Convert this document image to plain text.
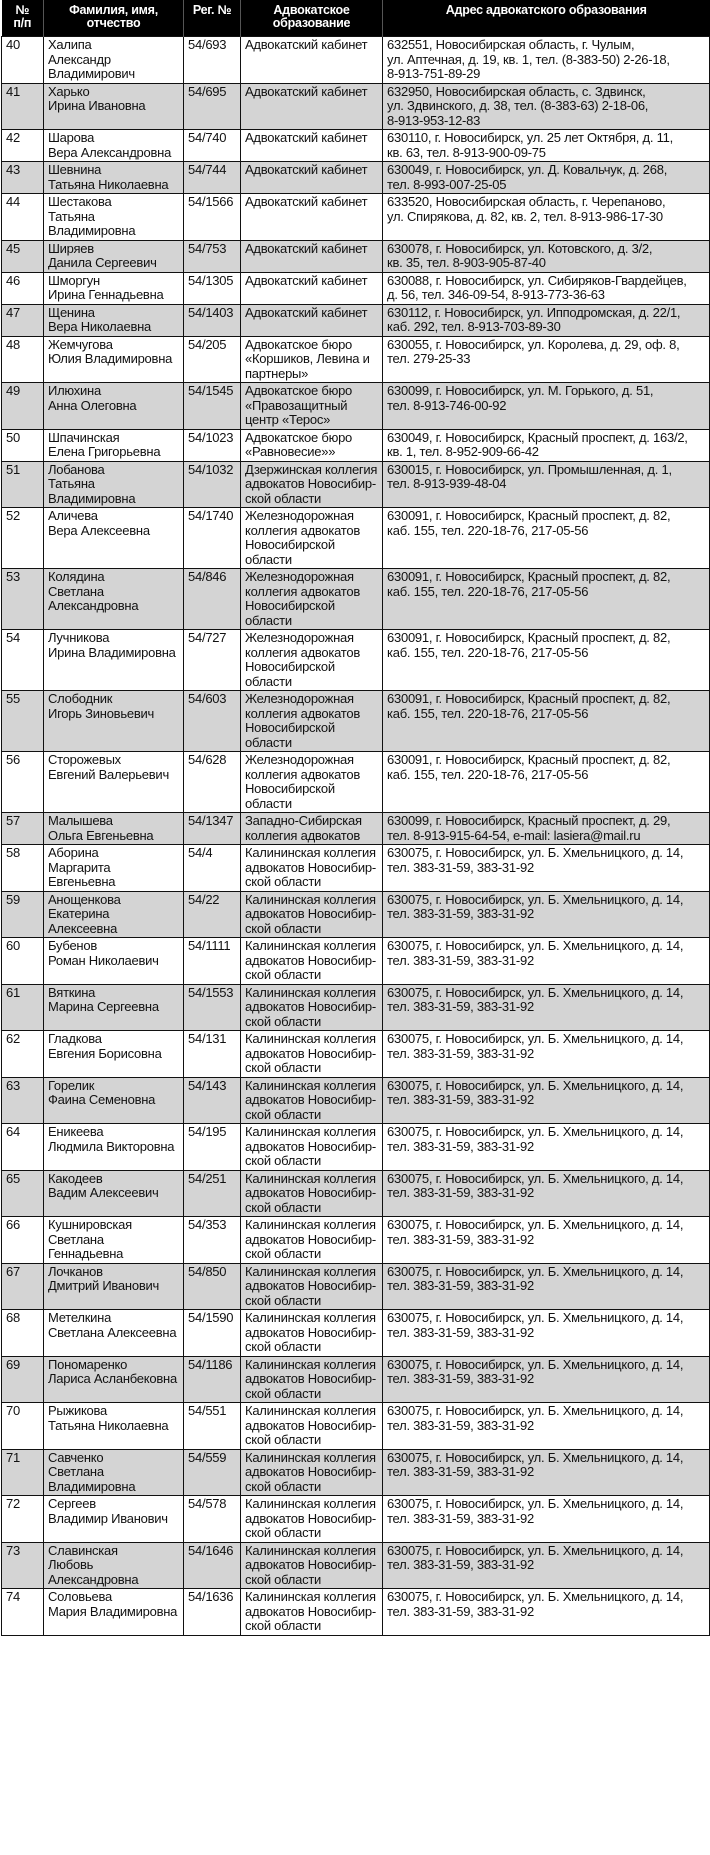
№
п/п	Фамилия, имя,
отчество	Рег. №	Адвокатское
образование	Адрес адвокатского образования
40	Халипа
Александр
Владимирович	54/693	Адвокатский кабинет	632551, Новосибирская область, г. Чулым,
ул. Аптечная, д. 19, кв. 1, тел. (8-383-50) 2-26-18,
8-913-751-89-29
41	Харько
Ирина Ивановна	54/695	Адвокатский кабинет	632950, Новосибирская область, с. Здвинск,
ул. Здвинского, д. 38, тел. (8-383-63) 2-18-06,
8-913-953-12-83
42	Шарова
Вера Александровна	54/740	Адвокатский кабинет	630110, г. Новосибирск, ул. 25 лет Октября, д. 11,
кв. 63, тел. 8-913-900-09-75
43	Шевнина
Татьяна Николаевна	54/744	Адвокатский кабинет	630049, г. Новосибирск, ул. Д. Ковальчук, д. 268,
тел. 8-993-007-25-05
44	Шестакова
Татьяна
Владимировна	54/1566	Адвокатский кабинет	633520, Новосибирская область, г. Черепаново,
ул. Спирякова, д. 82, кв. 2, тел. 8-913-986-17-30
45	Ширяев
Данила Сергеевич	54/753	Адвокатский кабинет	630078, г. Новосибирск, ул. Котовского, д. 3/2,
кв. 35, тел. 8-903-905-87-40
46	Шморгун
Ирина Геннадьевна	54/1305	Адвокатский кабинет	630088, г. Новосибирск, ул. Сибиряков-Гвардейцев,
д. 56, тел. 346-09-54, 8-913-773-36-63
47	Щенина
Вера Николаевна	54/1403	Адвокатский кабинет	630112, г. Новосибирск, ул. Ипподромская, д. 22/1,
каб. 292, тел. 8-913-703-89-30
48	Жемчугова
Юлия Владимировна	54/205	Адвокатское бюро
«Коршиков, Левина и
партнеры»	630055, г. Новосибирск, ул. Королева, д. 29, оф. 8,
тел. 279-25-33
49	Илюхина
Анна Олеговна	54/1545	Адвокатское бюро
«Правозащитный
центр «Терос»	630099, г. Новосибирск, ул. М. Горького, д. 51,
тел. 8-913-746-00-92
50	Шпачинская
Елена Григорьевна	54/1023	Адвокатское бюро
«Равновесие»»	630049, г. Новосибирск, Красный проспект, д. 163/2,
кв. 1, тел. 8-952-909-66-42
51	Лобанова
Татьяна
Владимировна	54/1032	Дзержинская коллегия
адвокатов Новосибир-
ской области	630015, г. Новосибирск, ул. Промышленная, д. 1,
тел. 8-913-939-48-04
52	Аличева
Вера Алексеевна	54/1740	Железнодорожная
коллегия адвокатов
Новосибирской
области	630091, г. Новосибирск, Красный проспект, д. 82,
каб. 155, тел. 220-18-76, 217-05-56
53	Колядина
Светлана
Александровна	54/846	Железнодорожная
коллегия адвокатов
Новосибирской
области	630091, г. Новосибирск, Красный проспект, д. 82,
каб. 155, тел. 220-18-76, 217-05-56
54	Лучникова
Ирина Владимировна	54/727	Железнодорожная
коллегия адвокатов
Новосибирской
области	630091, г. Новосибирск, Красный проспект, д. 82,
каб. 155, тел. 220-18-76, 217-05-56
55	Слободник
Игорь Зиновьевич	54/603	Железнодорожная
коллегия адвокатов
Новосибирской
области	630091, г. Новосибирск, Красный проспект, д. 82,
каб. 155, тел. 220-18-76, 217-05-56
56	Сторожевых
Евгений Валерьевич	54/628	Железнодорожная
коллегия адвокатов
Новосибирской
области	630091, г. Новосибирск, Красный проспект, д. 82,
каб. 155, тел. 220-18-76, 217-05-56
57	Малышева
Ольга Евгеньевна	54/1347	Западно-Сибирская
коллегия адвокатов	630099, г. Новосибирск, Красный проспект, д. 29,
тел. 8-913-915-64-54, e-mail: lasiera@mail.ru
58	Аборина
Маргарита
Евгеньевна	54/4	Калининская коллегия
адвокатов Новосибир-
ской области	630075, г. Новосибирск, ул. Б. Хмельницкого, д. 14,
тел. 383-31-59, 383-31-92
59	Анощенкова
Екатерина Алексеевна	54/22	Калининская коллегия
адвокатов Новосибир-
ской области	630075, г. Новосибирск, ул. Б. Хмельницкого, д. 14,
тел. 383-31-59, 383-31-92
60	Бубенов
Роман Николаевич	54/1111	Калининская коллегия
адвокатов Новосибир-
ской области	630075, г. Новосибирск, ул. Б. Хмельницкого, д. 14,
тел. 383-31-59, 383-31-92
61	Вяткина
Марина Сергеевна	54/1553	Калининская коллегия
адвокатов Новосибир-
ской области	630075, г. Новосибирск, ул. Б. Хмельницкого, д. 14,
тел. 383-31-59, 383-31-92
62	Гладкова
Евгения Борисовна	54/131	Калининская коллегия
адвокатов Новосибир-
ской области	630075, г. Новосибирск, ул. Б. Хмельницкого, д. 14,
тел. 383-31-59, 383-31-92
63	Горелик
Фаина Семеновна	54/143	Калининская коллегия
адвокатов Новосибир-
ской области	630075, г. Новосибирск, ул. Б. Хмельницкого, д. 14,
тел. 383-31-59, 383-31-92
64	Еникеева
Людмила Викторовна	54/195	Калининская коллегия
адвокатов Новосибир-
ской области	630075, г. Новосибирск, ул. Б. Хмельницкого, д. 14,
тел. 383-31-59, 383-31-92
65	Какодеев
Вадим Алексеевич	54/251	Калининская коллегия
адвокатов Новосибир-
ской области	630075, г. Новосибирск, ул. Б. Хмельницкого, д. 14,
тел. 383-31-59, 383-31-92
66	Кушнировская
Светлана Геннадьевна	54/353	Калининская коллегия
адвокатов Новосибир-
ской области	630075, г. Новосибирск, ул. Б. Хмельницкого, д. 14,
тел. 383-31-59, 383-31-92
67	Лочканов
Дмитрий Иванович	54/850	Калининская коллегия
адвокатов Новосибир-
ской области	630075, г. Новосибирск, ул. Б. Хмельницкого, д. 14,
тел. 383-31-59, 383-31-92
68	Метелкина
Светлана Алексеевна	54/1590	Калининская коллегия
адвокатов Новосибир-
ской области	630075, г. Новосибирск, ул. Б. Хмельницкого, д. 14,
тел. 383-31-59, 383-31-92
69	Пономаренко
Лариса Асланбековна	54/1186	Калининская коллегия
адвокатов Новосибир-
ской области	630075, г. Новосибирск, ул. Б. Хмельницкого, д. 14,
тел. 383-31-59, 383-31-92
70	Рыжикова
Татьяна Николаевна	54/551	Калининская коллегия
адвокатов Новосибир-
ской области	630075, г. Новосибирск, ул. Б. Хмельницкого, д. 14,
тел. 383-31-59, 383-31-92
71	Савченко
Светлана
Владимировна	54/559	Калининская коллегия
адвокатов Новосибир-
ской области	630075, г. Новосибирск, ул. Б. Хмельницкого, д. 14,
тел. 383-31-59, 383-31-92
72	Сергеев
Владимир Иванович	54/578	Калининская коллегия
адвокатов Новосибир-
ской области	630075, г. Новосибирск, ул. Б. Хмельницкого, д. 14,
тел. 383-31-59, 383-31-92
73	Славинская
Любовь
Александровна	54/1646	Калининская коллегия
адвокатов Новосибир-
ской области	630075, г. Новосибирск, ул. Б. Хмельницкого, д. 14,
тел. 383-31-59, 383-31-92
74	Соловьева
Мария Владимировна	54/1636	Калининская коллегия
адвокатов Новосибир-
ской области	630075, г. Новосибирск, ул. Б. Хмельницкого, д. 14,
тел. 383-31-59, 383-31-92
